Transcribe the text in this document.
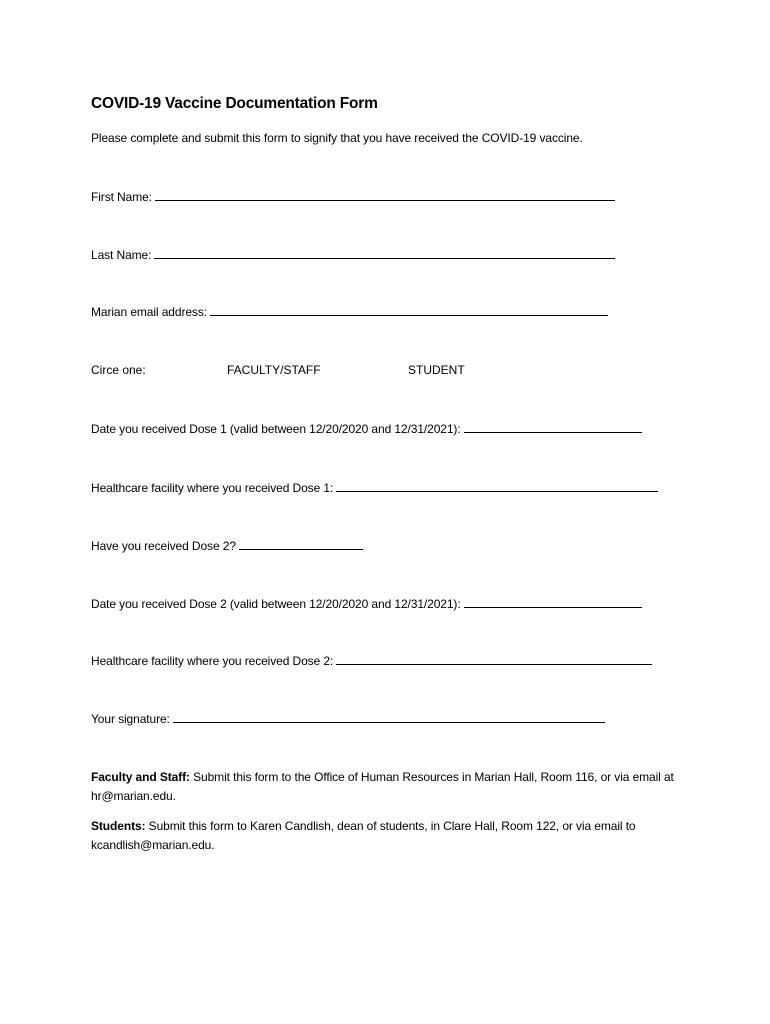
COVID-19 Vaccine Documentation Form
Please complete and submit this form to signify that you have received the COVID-19 vaccine.
First Name:
Last Name:
Marian email address:
Circe one:	FACULTY/STAFF	STUDENT
Date you received Dose 1 (valid between 12/20/2020 and 12/31/2021):
Healthcare facility where you received Dose 1:
Have you received Dose 2?
Date you received Dose 2 (valid between 12/20/2020 and 12/31/2021):
Healthcare facility where you received Dose 2:
Your signature:
Faculty and Staff: Submit this form to the Office of Human Resources in Marian Hall, Room 116, or via email at hr@marian.edu.
Students: Submit this form to Karen Candlish, dean of students, in Clare Hall, Room 122, or via email to kcandlish@marian.edu.
